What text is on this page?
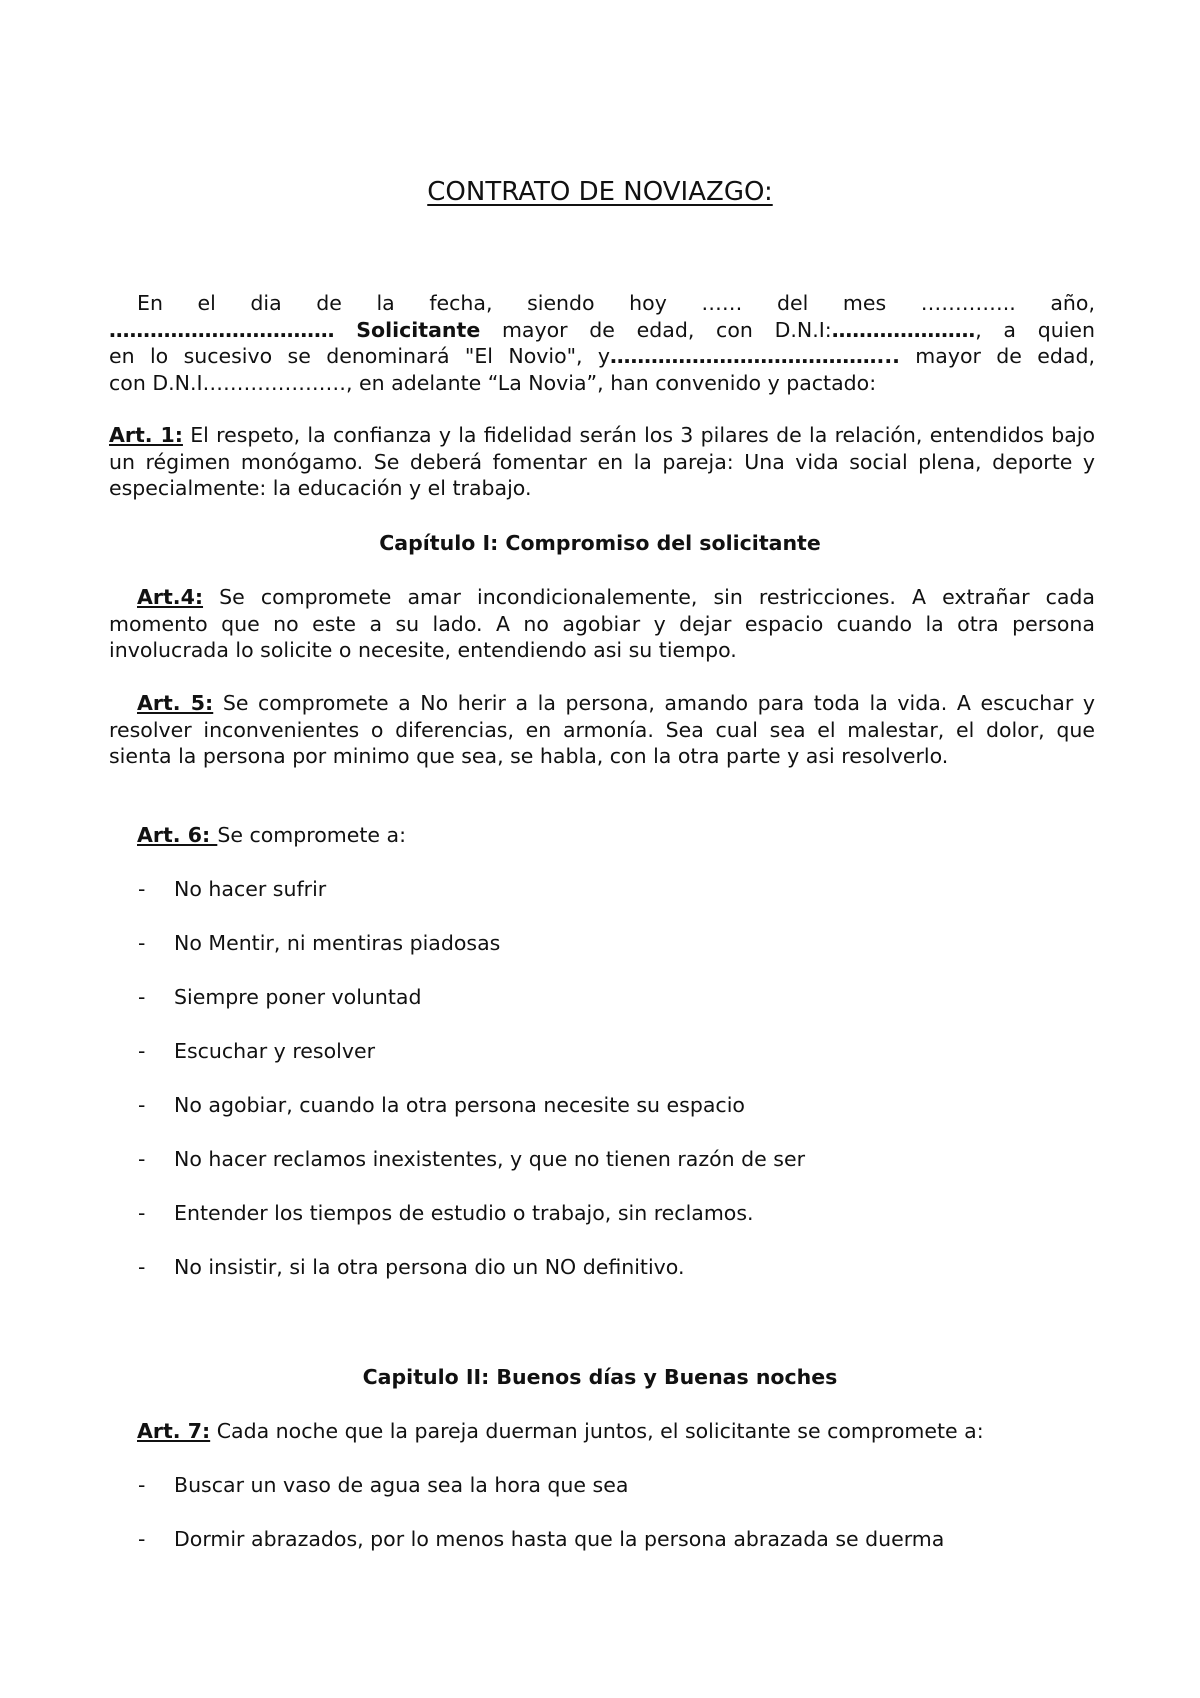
CONTRATO DE NOVIAZGO:
En el dia de la fecha, siendo hoy …… del mes ………….. año,
…………………………… Solicitante mayor de edad, con D.N.I:…………………, a quien
en lo sucesivo se denominará "El Novio", y…………………………………... mayor de edad,
con D.N.I…………………, en adelante “La Novia”, han convenido y pactado:
Art. 1: El respeto, la confianza y la fidelidad serán los 3 pilares de la relación, entendidos bajo un régimen monógamo. Se deberá fomentar en la pareja: Una vida social plena, deporte y especialmente: la educación y el trabajo.
Capítulo I: Compromiso del solicitante
Art.4: Se compromete amar incondicionalemente, sin restricciones. A extrañar cada momento que no este a su lado. A no agobiar y dejar espacio cuando la otra persona involucrada lo solicite o necesite, entendiendo asi su tiempo.
Art. 5: Se compromete a No herir a la persona, amando para toda la vida. A escuchar y resolver inconvenientes o diferencias, en armonía. Sea cual sea el malestar, el dolor, que sienta la persona por minimo que sea, se habla, con la otra parte y asi resolverlo.
Art. 6: Se compromete a:
- No hacer sufrir
- No Mentir, ni mentiras piadosas
- Siempre poner voluntad
- Escuchar y resolver
- No agobiar, cuando la otra persona necesite su espacio
- No hacer reclamos inexistentes, y que no tienen razón de ser
- Entender los tiempos de estudio o trabajo, sin reclamos.
- No insistir, si la otra persona dio un NO definitivo.
Capitulo II: Buenos días y Buenas noches
Art. 7: Cada noche que la pareja duerman juntos, el solicitante se compromete a:
- Buscar un vaso de agua sea la hora que sea
- Dormir abrazados, por lo menos hasta que la persona abrazada se duerma
